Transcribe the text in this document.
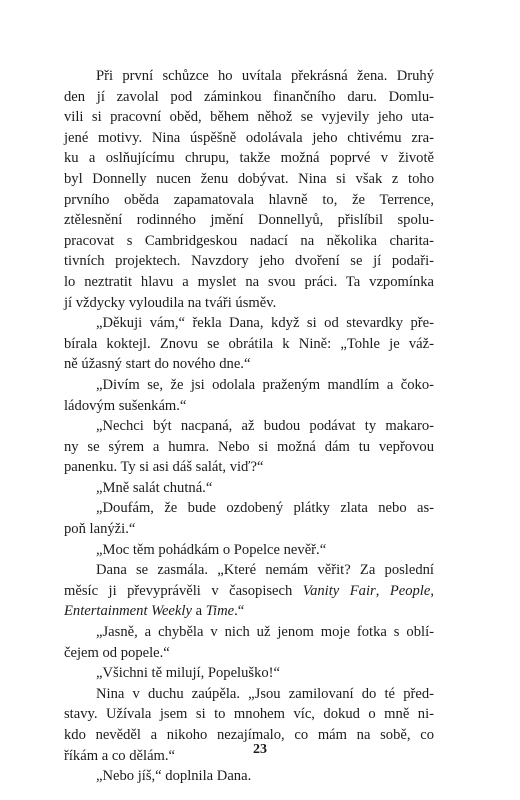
Při první schůzce ho uvítala překrásná žena. Druhý
den jí zavolal pod záminkou finančního daru. Domlu-
vili si pracovní oběd, během něhož se vyjevily jeho uta-
jené motivy. Nina úspěšně odolávala jeho chtivému zra-
ku a oslňujícímu chrupu, takže možná poprvé v životě
byl Donnelly nucen ženu dobývat. Nina si však z toho
prvního oběda zapamatovala hlavně to, že Terrence,
ztělesnění rodinného jmění Donnellyů, přislíbil spolu-
pracovat s Cambridgeskou nadací na několika charita-
tivních projektech. Navzdory jeho dvoření se jí podaři-
lo neztratit hlavu a myslet na svou práci. Ta vzpomínka
jí vždycky vyloudila na tváři úsměv.

„Děkuji vám,“ řekla Dana, když si od stevardky pře-
bírala koktejl. Znovu se obrátila k Nině: „Tohle je váž-
ně úžasný start do nového dne.“

„Divím se, že jsi odolala praženým mandlím a čoko-
ládovým sušenkám.“

„Nechci být nacpaná, až budou podávat ty makaro-
ny se sýrem a humra. Nebo si možná dám tu vepřovou
panenku. Ty si asi dáš salát, viď?“

„Mně salát chutná.“

„Doufám, že bude ozdobený plátky zlata nebo as-
poň lanýži.“

„Moc těm pohádkám o Popelce nevěř.“

Dana se zasmála. „Které nemám věřit? Za poslední
měsíc ji převyprávěli v časopisech Vanity Fair, People,
Entertainment Weekly a Time.“

„Jasně, a chyběla v nich už jenom moje fotka s oblí-
čejem od popele.“

„Všichni tě milují, Popeluško!“

Nina v duchu zaúpěla. „Jsou zamilovaní do té před-
stavy. Užívala jsem si to mnohem víc, dokud o mně ni-
kdo nevěděl a nikoho nezajímalo, co mám na sobě, co
říkám a co dělám.“

„Nebo jíš,“ doplnila Dana.

23
